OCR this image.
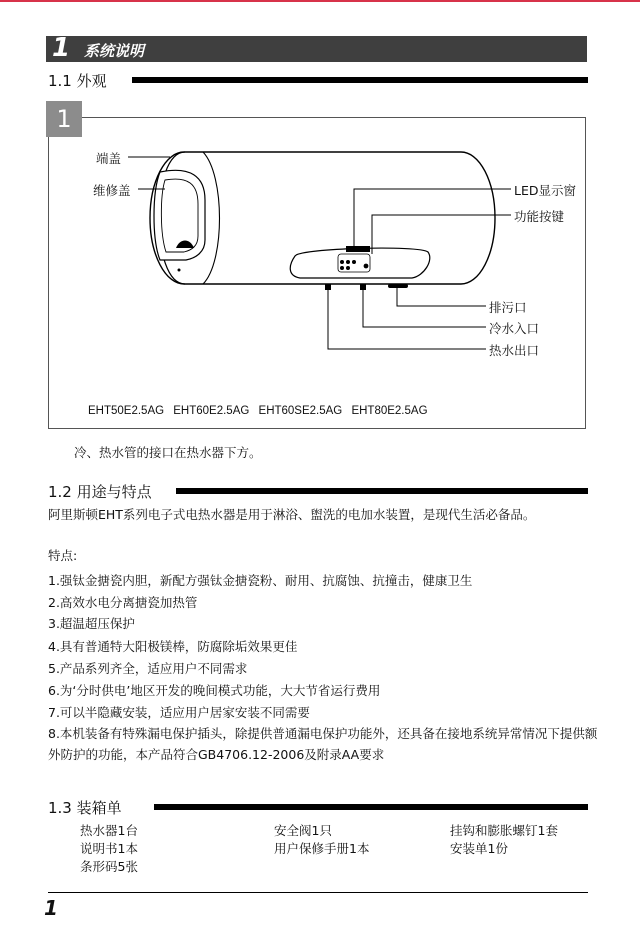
1 系统说明
1.1 外观
1
端盖
维修盖	LED显示窗
功能按键
排污口
冷水入口
热水出口
EHT50E2.5AG EHT60E2.5AG EHT60SE2.5AG EHT80E2.5AG
冷、热水管的接口在热水器下方。
1.2 用途与特点
阿里斯顿EHT系列电子式电热水器是用于淋浴、盥洗的电加水装置，是现代生活必备品。
特点:
1.强钛金搪瓷内胆，新配方强钛金搪瓷粉、耐用、抗腐蚀、抗撞击，健康卫生
2.高效水电分离搪瓷加热管
3.超温超压保护
4.具有普通特大阳极镁棒，防腐除垢效果更佳
5.产品系列齐全，适应用户不同需求
6.为‘分时供电’地区开发的晚间模式功能，大大节省运行费用
7.可以半隐藏安装，适应用户居家安装不同需要
8.本机装备有特殊漏电保护插头，除提供普通漏电保护功能外，还具备在接地系统异常情况下提供额外防护的功能，本产品符合GB4706.12-2006及附录AA要求
1.3 装箱单
热水器1台	安全阀1只	挂钩和膨胀螺钉1套
说明书1本	用户保修手册1本	安装单1份
条形码5张
1
